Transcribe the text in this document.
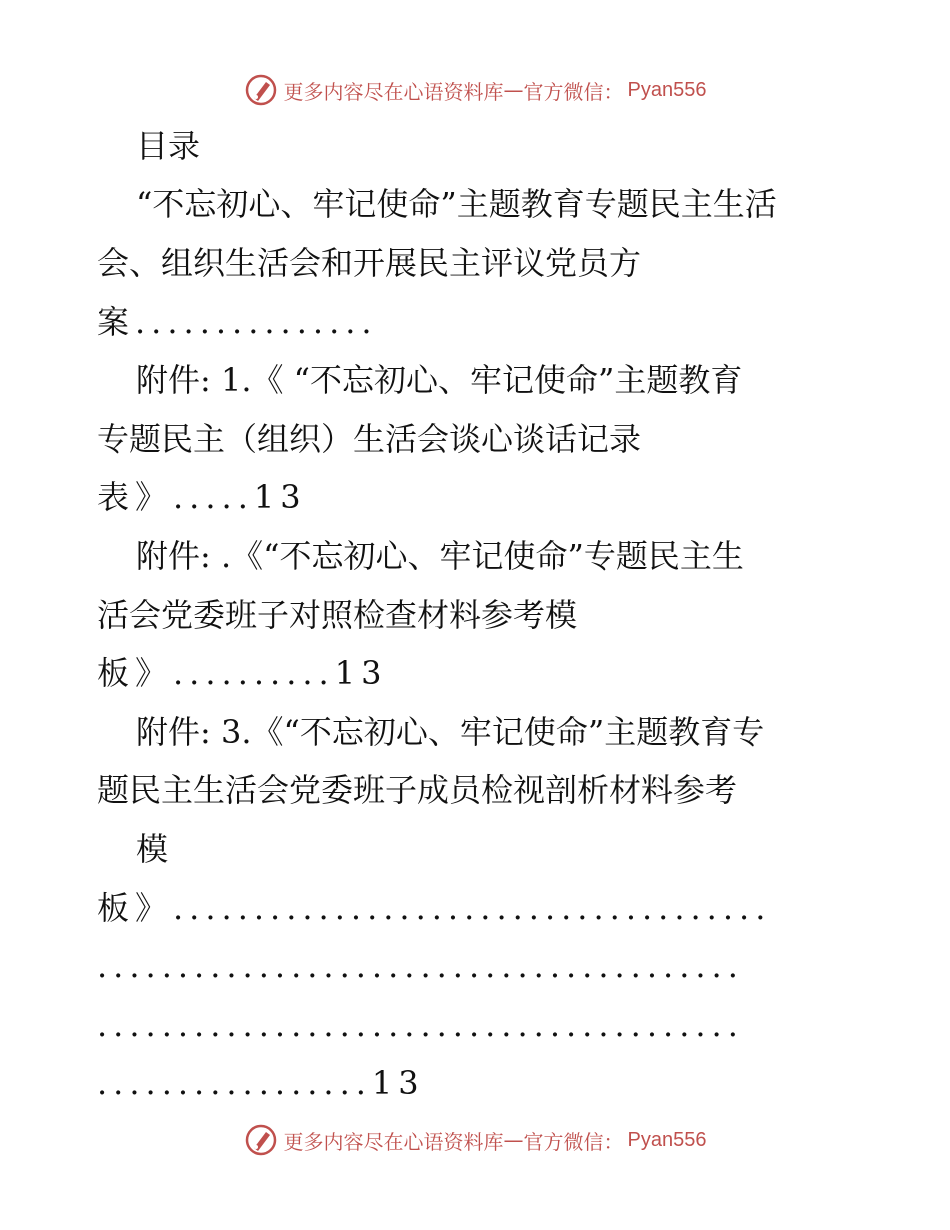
更多内容尽在心语资料库 — 官方微信： Pyan556

目录

“不忘初心、牢记使命”主题教育专题民主生活

会、组织生活会和开展民主评议党员方

案...............

附件: 1.《 “不忘初心、牢记使命”主题教育

专题民主（组织）生活会谈心谈话记录

表》.....13

附件: .《“不忘初心、牢记使命”专题民主生

活会党委班子对照检查材料参考模

板》..........13

附件: 3.《“不忘初心、牢记使命”主题教育专

题民主生活会党委班子成员检视剖析材料参考

模

板》.....................................

........................................

........................................

.................13

更多内容尽在心语资料库 — 官方微信： Pyan556
